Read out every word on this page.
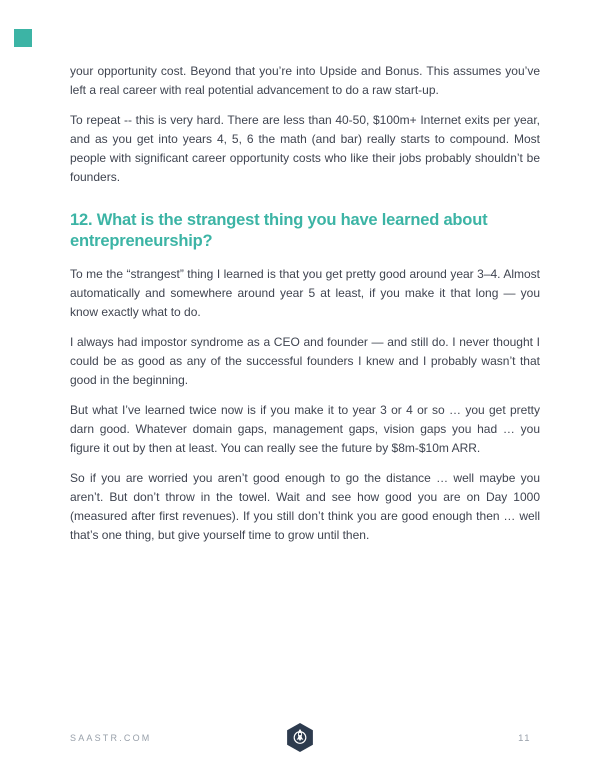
your opportunity cost. Beyond that you’re into Upside and Bonus. This assumes you’ve left a real career with real potential advancement to do a raw start-up.

To repeat -- this is very hard. There are less than 40-50, $100m+ Internet exits per year, and as you get into years 4, 5, 6 the math (and bar) really starts to compound. Most people with significant career opportunity costs who like their jobs probably shouldn’t be founders.

12. What is the strangest thing you have learned about entrepreneurship?

To me the “strangest” thing I learned is that you get pretty good around year 3–4. Almost automatically and somewhere around year 5 at least, if you make it that long — you know exactly what to do.

I always had impostor syndrome as a CEO and founder — and still do. I never thought I could be as good as any of the successful founders I knew and I probably wasn’t that good in the beginning.

But what I’ve learned twice now is if you make it to year 3 or 4 or so … you get pretty darn good. Whatever domain gaps, management gaps, vision gaps you had … you figure it out by then at least. You can really see the future by $8m-$10m ARR.

So if you are worried you aren’t good enough to go the distance … well maybe you aren’t. But don’t throw in the towel. Wait and see how good you are on Day 1000 (measured after first revenues). If you still don’t think you are good enough then … well that’s one thing, but give yourself time to grow until then.

SAASTR.COM	11
